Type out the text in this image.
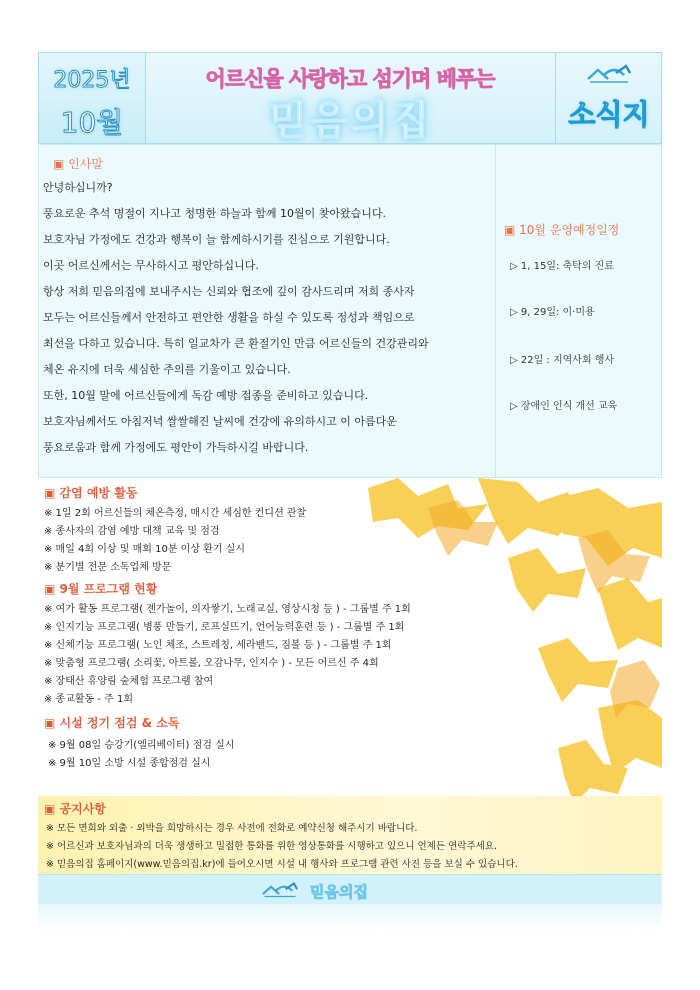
2025년
10월
어르신을 사랑하고 섬기며 베푸는
믿음의집	소식지
▣ 인사말
안녕하십니까?
풍요로운 추석 명절이 지나고 청명한 하늘과 함께 10월이 찾아왔습니다.
보호자님 가정에도 건강과 행복이 늘 함께하시기를 진심으로 기원합니다.
이곳 어르신께서는 무사하시고 평안하십니다.
항상 저희 믿음의집에 보내주시는 신뢰와 협조에 깊이 감사드리며 저희 종사자
모두는 어르신들께서 안전하고 편안한 생활을 하실 수 있도록 정성과 책임으로
최선을 다하고 있습니다. 특히 일교차가 큰 환절기인 만큼 어르신들의 건강관리와
체온 유지에 더욱 세심한 주의를 기울이고 있습니다.
또한, 10월 말에 어르신들에게 독감 예방 접종을 준비하고 있습니다.
보호자님께서도 아침저녁 쌀쌀해진 날씨에 건강에 유의하시고 이 아름다운
풍요로움과 함께 가정에도 평안이 가득하시길 바랍니다.
▣ 10월 운영예정일정
▷ 1, 15일: 축탁의 진료
▷ 9, 29일: 이·미용
▷ 22일 : 지역사회 행사
▷ 장애인 인식 개선 교육
▣ 감염 예방 활동
※ 1일 2회 어르신들의 체온측정, 매시간 세심한 컨디션 관찰
※ 종사자의 감염 예방 대책 교육 및 점검
※ 매일 4회 이상 및 매회 10분 이상 환기 실시
※ 분기별 전문 소독업체 방문
▣ 9월 프로그램 현황
※ 여가 활동 프로그램( 젠가놀이, 의자쌓기, 노래교실, 영상시청 등 ) - 그룹별 주 1회
※ 인지기능 프로그램( 병풍 만들기, 로프실뜨기, 언어능력훈련 등 ) - 그룹별 주 1회
※ 신체기능 프로그램( 노인 체조, 스트레칭, 세라밴드, 짐볼 등 ) - 그룹별 주 1회
※ 맞춤형 프로그램( 소리꽃, 아트볼, 오감나무, 인지수 ) - 모든 어르신 주 4회
※ 장태산 휴양림 숲체험 프로그램 참여
※ 종교활동 - 주 1회
▣ 시설 정기 점검 & 소독
※ 9월 08일 승강기(엘리베이터) 점검 실시
※ 9월 10일 소방 시설 종합점검 실시
▣ 공지사항
※ 모든 면회와 외출 · 외박을 희망하시는 경우 사전에 전화로 예약신청 해주시기 바랍니다.
※ 어르신과 보호자님과의 더욱 생생하고 밀접한 통화를 위한 영상통화를 시행하고 있으니 언제든 연락주세요.
※ 믿음의집 홈페이지(www.믿음의집.kr)에 들어오시면 시설 내 행사와 프로그램 관련 사진 등을 보실 수 있습니다.
믿음의집
